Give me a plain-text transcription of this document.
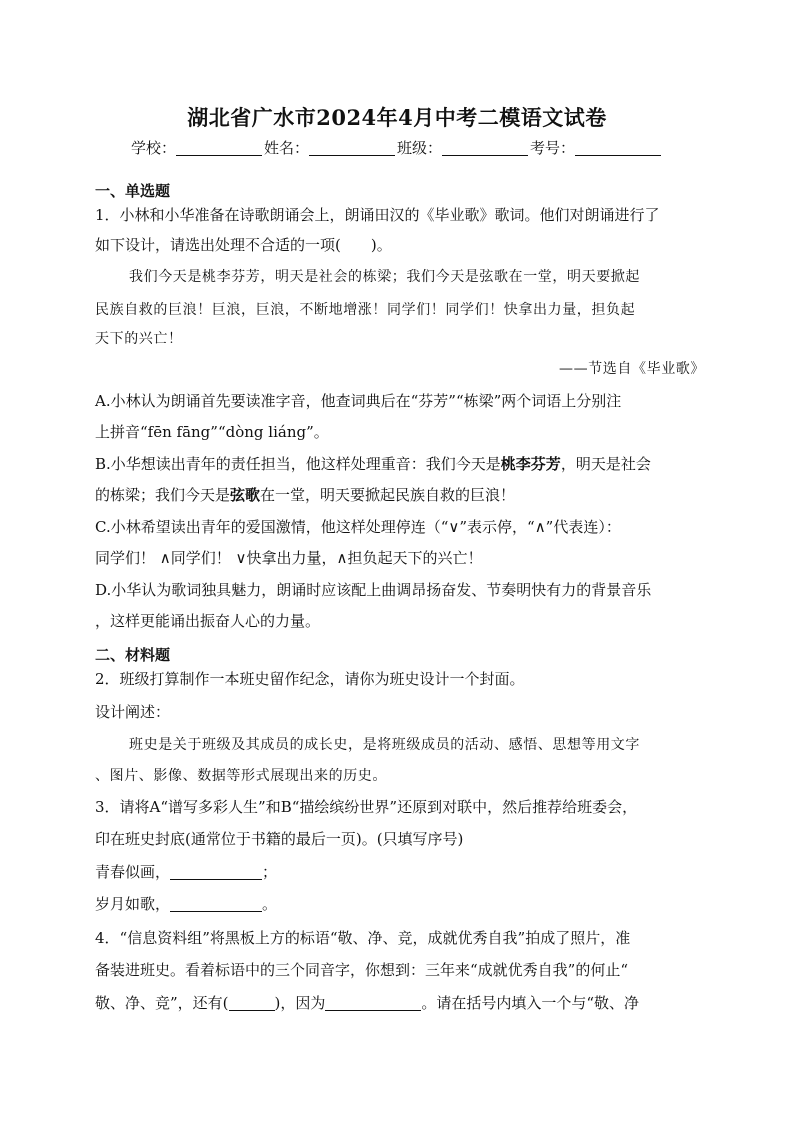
湖北省广水市2024年4月中考二模语文试卷
学校：	姓名：	班级：	考号：
一、单选题
1．小林和小华准备在诗歌朗诵会上，朗诵田汉的《毕业歌》歌词。他们对朗诵进行了
如下设计，请选出处理不合适的一项(　　)。
我们今天是桃李芬芳，明天是社会的栋梁；我们今天是弦歌在一堂，明天要掀起
民族自救的巨浪！巨浪，巨浪，不断地增涨！同学们！同学们！快拿出力量，担负起
天下的兴亡！
——节选自《毕业歌》
A.小林认为朗诵首先要读准字音，他查词典后在“芬芳”“栋梁”两个词语上分别注
上拼音“fēn fāng”“dòng liáng”。
B.小华想读出青年的责任担当，他这样处理重音：我们今天是桃李芬芳，明天是社会
的栋梁；我们今天是弦歌在一堂，明天要掀起民族自救的巨浪！
C.小林希望读出青年的爱国激情，他这样处理停连（“∨”表示停，“∧”代表连）：
同学们！ ∧同学们！ ∨快拿出力量，∧担负起天下的兴亡！
D.小华认为歌词独具魅力，朗诵时应该配上曲调昂扬奋发、节奏明快有力的背景音乐
，这样更能诵出振奋人心的力量。
二、材料题
2．班级打算制作一本班史留作纪念，请你为班史设计一个封面。
设计阐述：
班史是关于班级及其成员的成长史，是将班级成员的活动、感悟、思想等用文字
、图片、影像、数据等形式展现出来的历史。
3．请将A“谱写多彩人生”和B“描绘缤纷世界”还原到对联中，然后推荐给班委会，
印在班史封底(通常位于书籍的最后一页)。(只填写序号)
青春似画，	；
岁月如歌，	。
4．“信息资料组”将黑板上方的标语“敬、净、竞，成就优秀自我”拍成了照片，准
备装进班史。看着标语中的三个同音字，你想到：三年来“成就优秀自我”的何止“
敬、净、竞”，还有(	)，因为	。请在括号内填入一个与“敬、净
